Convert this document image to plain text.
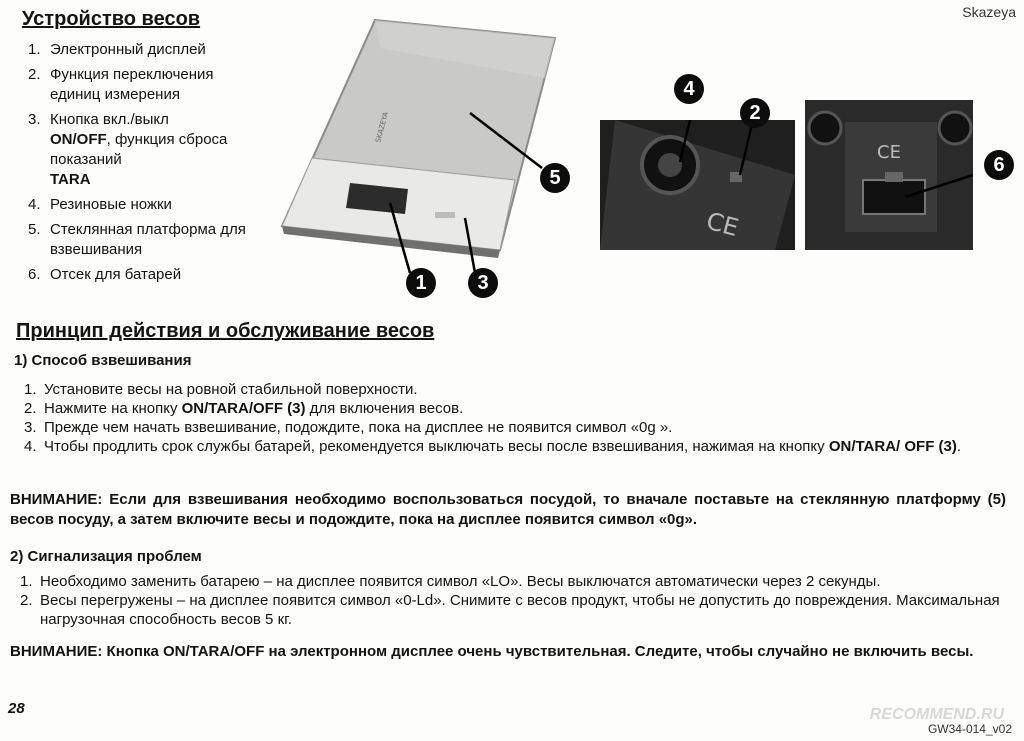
Skazeya
Устройство весов
1. Электронный дисплей
2. Функция переключения единиц измерения
3. Кнопка вкл./выкл
ON/OFF, функция сброса показаний
TARA
4. Резиновые ножки
5. Стеклянная платформа для взвешивания
6. Отсек для батарей
SKAZEYA
CE
CE
1
2
3
4
5
6
Принцип действия и обслуживание весов
1) Способ взвешивания
1. Установите весы на ровной стабильной поверхности.
2. Нажмите на кнопку ON/TARA/OFF (3) для включения весов.
3. Прежде чем начать взвешивание, подождите, пока на дисплее не появится символ «0g ».
4. Чтобы продлить срок службы батарей, рекомендуется выключать весы после взвешивания, нажимая на кнопку ON/TARA/ OFF (3).
ВНИМАНИЕ: Если для взвешивания необходимо воспользоваться посудой, то вначале поставьте на стеклянную платформу (5) весов посуду, а затем включите весы и подождите, пока на дисплее появится символ «0g».
2) Сигнализация проблем
1. Необходимо заменить батарею – на дисплее появится символ «LO». Весы выключатся автоматически через 2 секунды.
2. Весы перегружены – на дисплее появится символ «0-Ld». Снимите с весов продукт, чтобы не допустить до повреждения. Максимальная нагрузочная способность весов 5 кг.
ВНИМАНИЕ: Кнопка ON/TARA/OFF на электронном дисплее очень чувствительная. Следите, чтобы случайно не включить весы.
28	RECOMMEND.RU
GW34-014_v02
